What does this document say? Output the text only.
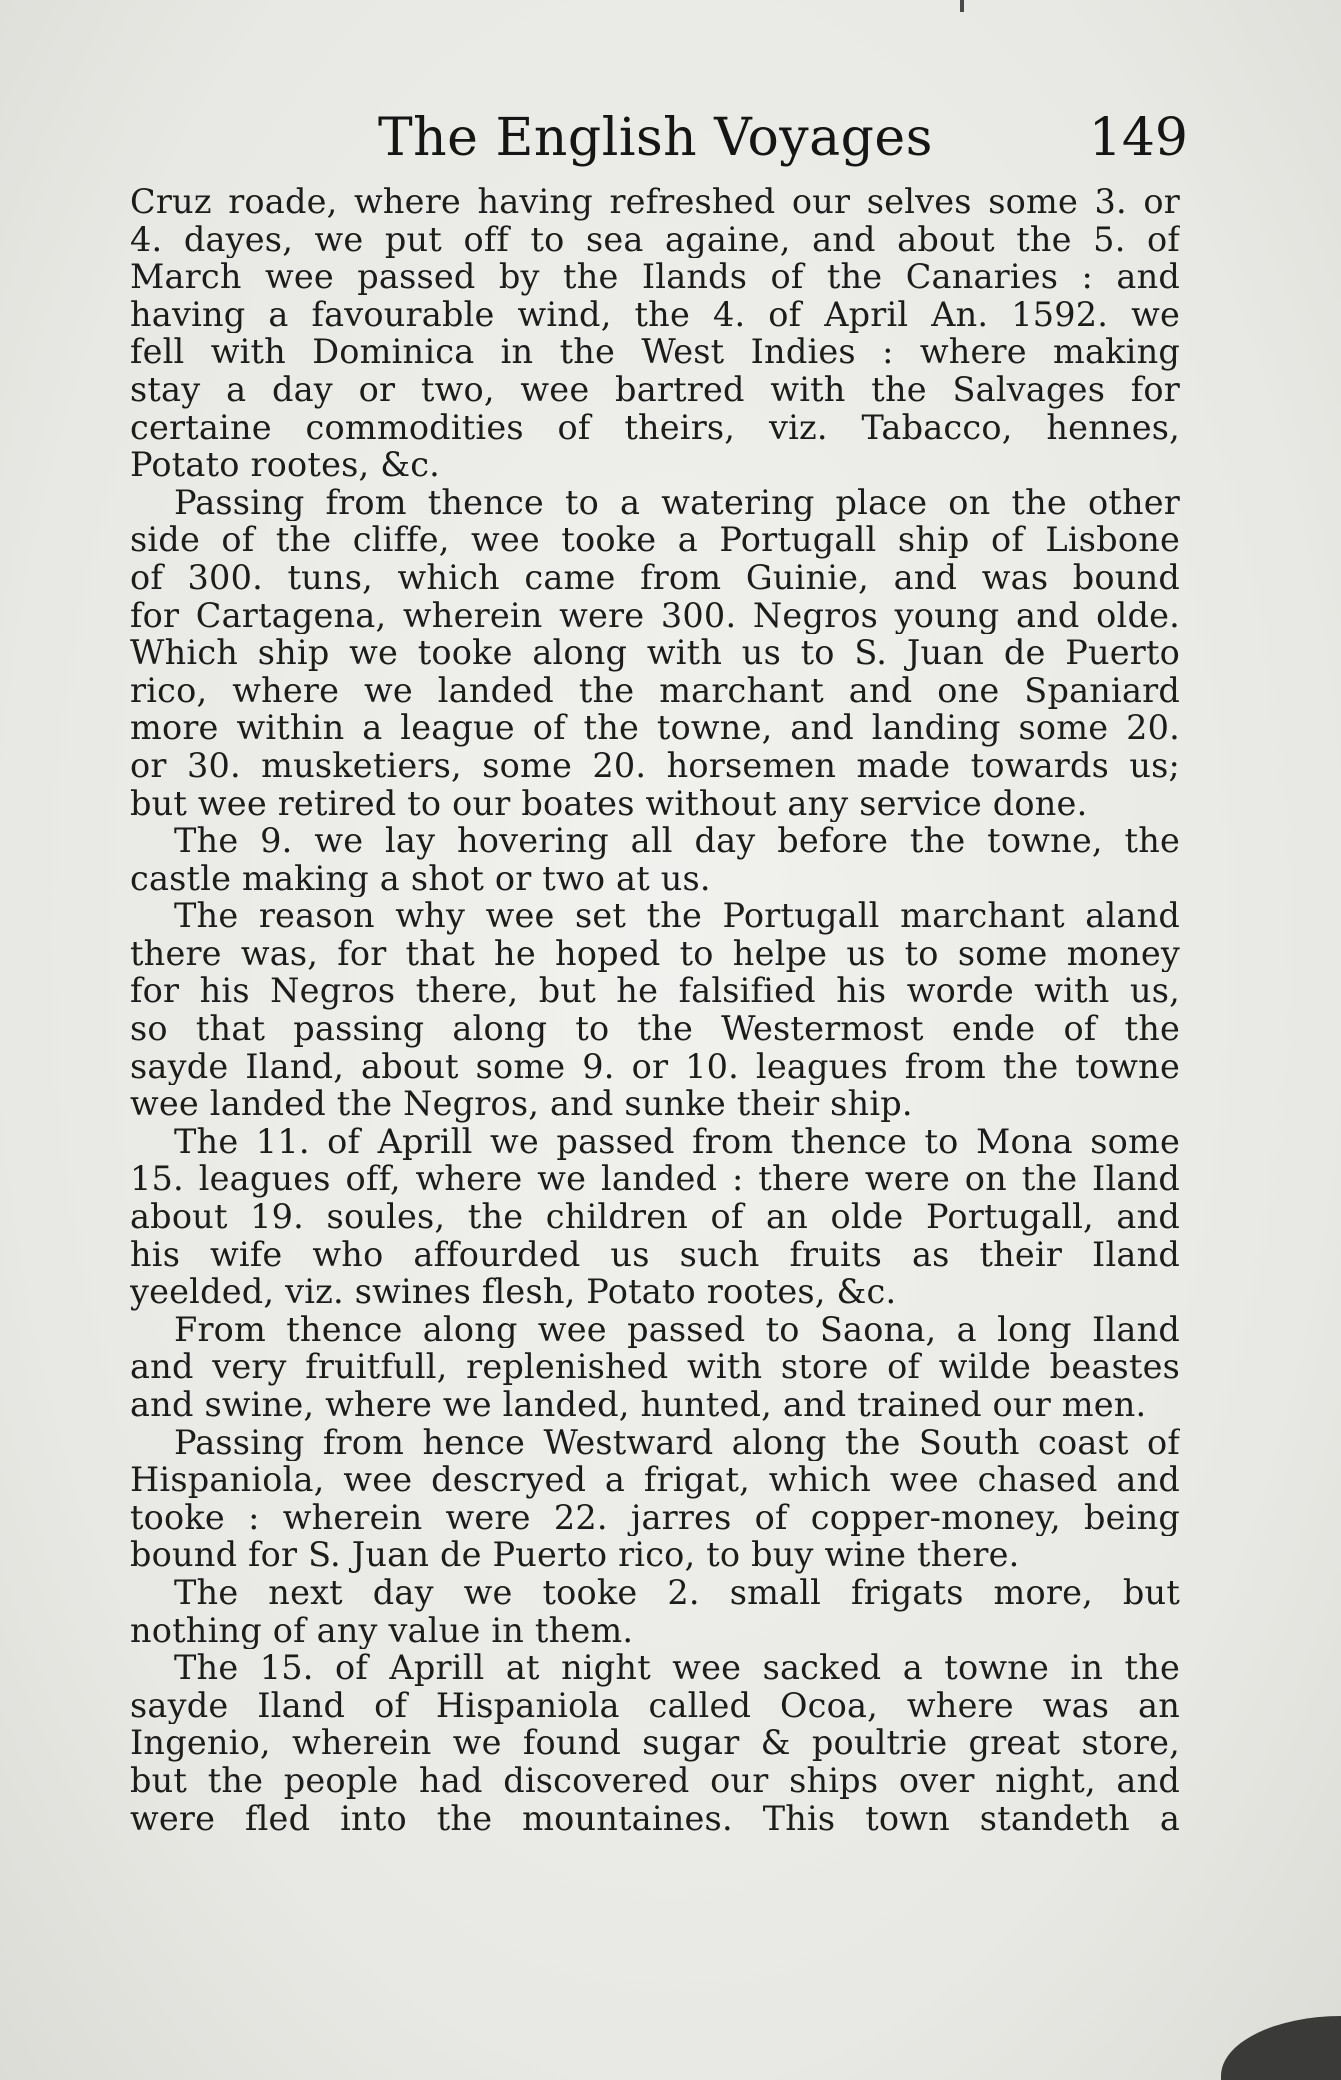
The English Voyages	149
Cruz roade, where having refreshed our selves some 3. or
4. dayes, we put off to sea againe, and about the 5. of
March wee passed by the Ilands of the Canaries : and
having a favourable wind, the 4. of April An. 1592. we
fell with Dominica in the West Indies : where making
stay a day or two, wee bartred with the Salvages for
certaine commodities of theirs, viz. Tabacco, hennes,
Potato rootes, &c.
Passing from thence to a watering place on the other
side of the cliffe, wee tooke a Portugall ship of Lisbone
of 300. tuns, which came from Guinie, and was bound
for Cartagena, wherein were 300. Negros young and olde.
Which ship we tooke along with us to S. Juan de Puerto
rico, where we landed the marchant and one Spaniard
more within a league of the towne, and landing some 20.
or 30. musketiers, some 20. horsemen made towards us;
but wee retired to our boates without any service done.
The 9. we lay hovering all day before the towne, the
castle making a shot or two at us.
The reason why wee set the Portugall marchant aland
there was, for that he hoped to helpe us to some money
for his Negros there, but he falsified his worde with us,
so that passing along to the Westermost ende of the
sayde Iland, about some 9. or 10. leagues from the towne
wee landed the Negros, and sunke their ship.
The 11. of Aprill we passed from thence to Mona some
15. leagues off, where we landed : there were on the Iland
about 19. soules, the children of an olde Portugall, and
his wife who affourded us such fruits as their Iland
yeelded, viz. swines flesh, Potato rootes, &c.
From thence along wee passed to Saona, a long Iland
and very fruitfull, replenished with store of wilde beastes
and swine, where we landed, hunted, and trained our men.
Passing from hence Westward along the South coast of
Hispaniola, wee descryed a frigat, which wee chased and
tooke : wherein were 22. jarres of copper-money, being
bound for S. Juan de Puerto rico, to buy wine there.
The next day we tooke 2. small frigats more, but
nothing of any value in them.
The 15. of Aprill at night wee sacked a towne in the
sayde Iland of Hispaniola called Ocoa, where was an
Ingenio, wherein we found sugar & poultrie great store,
but the people had discovered our ships over night, and
were fled into the mountaines. This town standeth a
